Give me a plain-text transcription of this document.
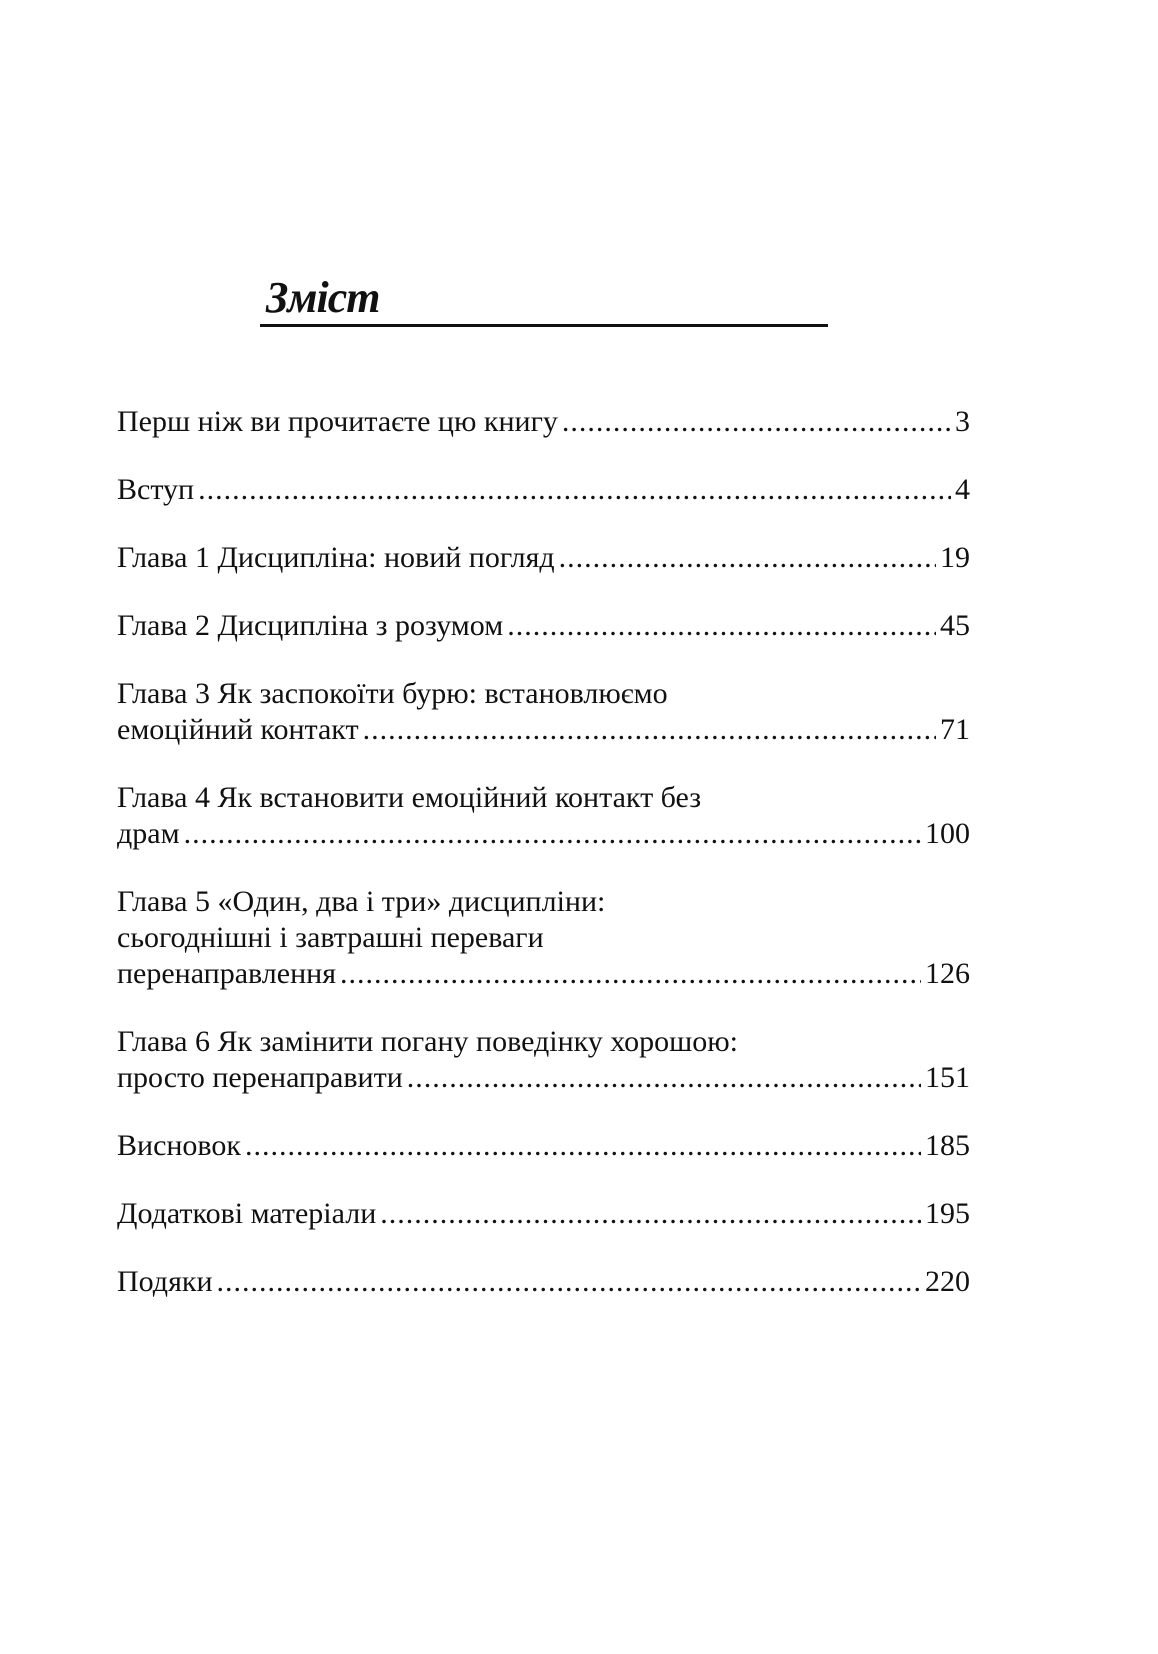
Зміст
Перш ніж ви прочитаєте цю книгу .....	3
Вступ .....	4
Глава 1 Дисципліна: новий погляд .....	19
Глава 2 Дисципліна з розумом .....	45
Глава 3 Як заспокоїти бурю: встановлюємо
емоційний контакт .....	71
Глава 4 Як встановити емоційний контакт без
драм .....	100
Глава 5 «Один, два і три» дисципліни:
сьогоднішні і завтрашні переваги
перенаправлення .....	126
Глава 6 Як замінити погану поведінку хорошою:
просто перенаправити .....	151
Висновок .....	185
Додаткові матеріали .....	195
Подяки .....	220
